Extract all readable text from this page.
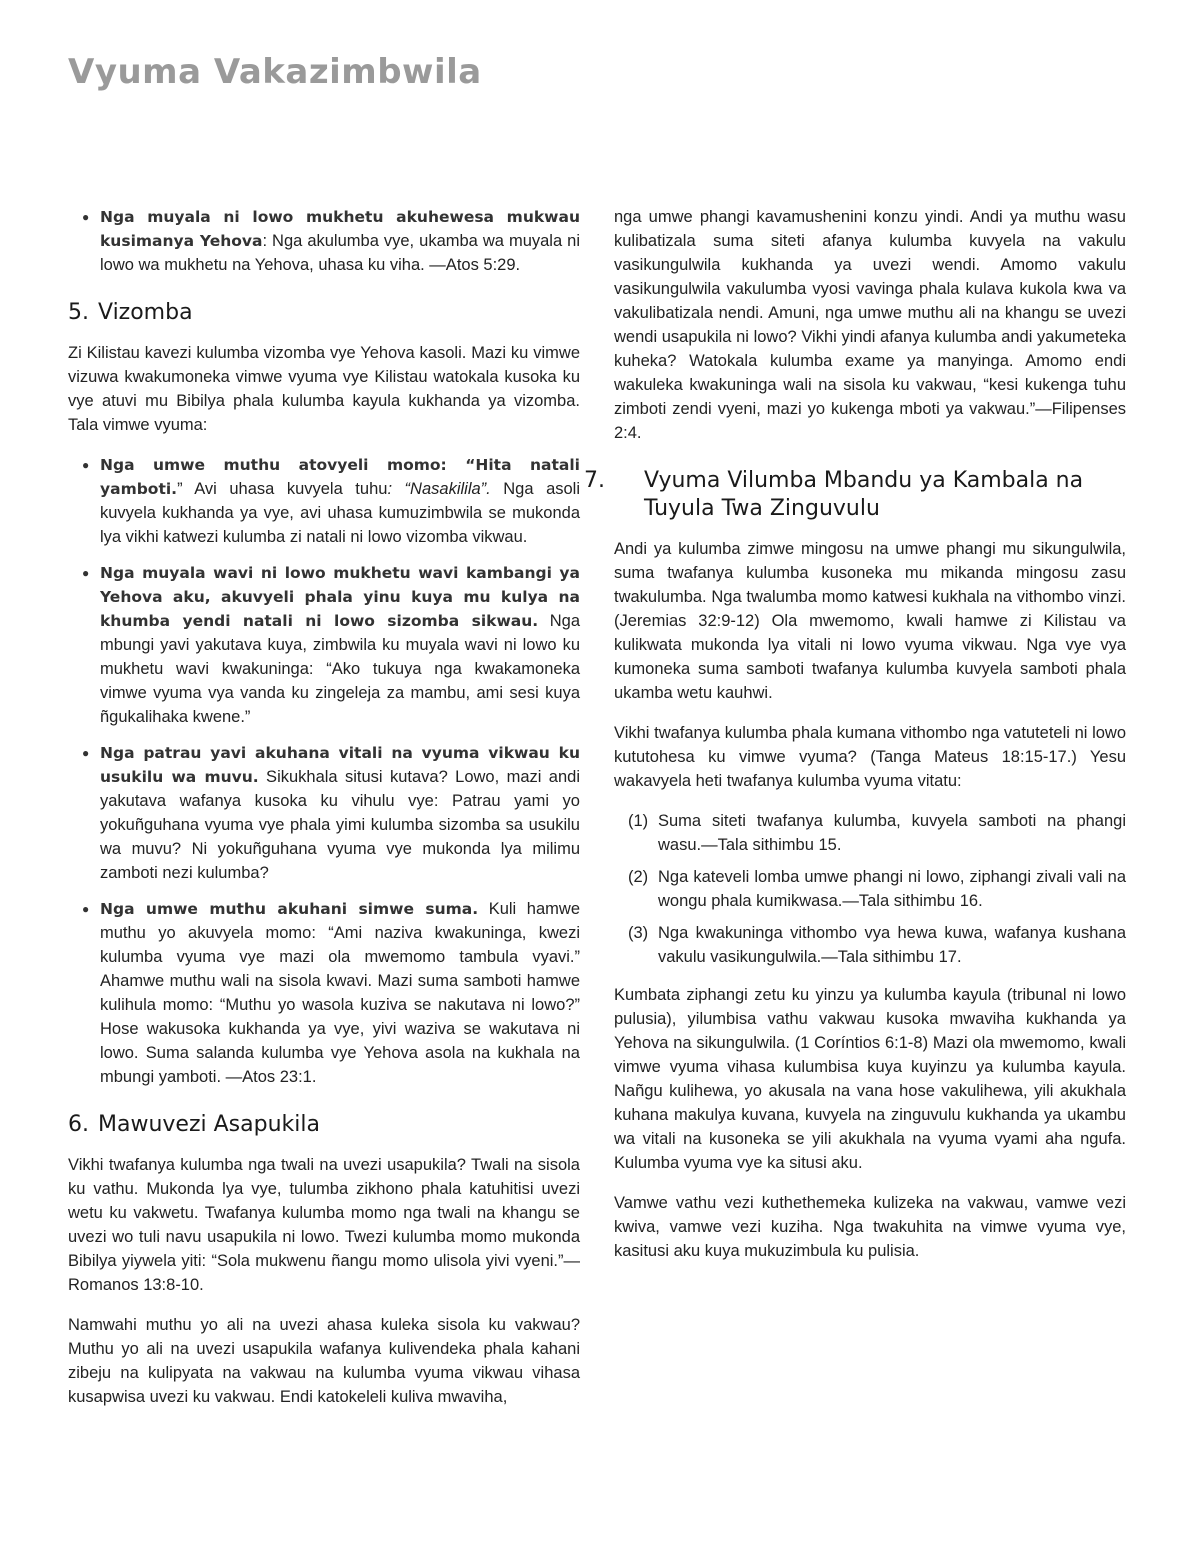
Vyuma Vakazimbwila
● Nga muyala ni lowo mukhetu akuhewesa mukwau kusimanya Yehova: Nga akulumba vye, ukamba wa muyala ni lowo wa mukhetu na Yehova, uhasa ku viha. —Atos 5:29.
5. Vizomba

Zi Kilistau kavezi kulumba vizomba vye Yehova kasoli. Mazi ku vimwe vizuwa kwakumoneka vimwe vyuma vye Kilistau watokala kusoka ku vye atuvi mu Bibilya phala kulumba kayula kukhanda ya vizomba. Tala vimwe vyuma:

● Nga umwe muthu atovyeli momo: “Hita natali yamboti.” Avi uhasa kuvyela tuhu: “Nasakilila”. Nga asoli kuvyela kukhanda ya vye, avi uhasa kumuzimbwila se mukonda lya vikhi katwezi kulumba zi natali ni lowo vizomba vikwau.
● Nga muyala wavi ni lowo mukhetu wavi kambangi ya Yehova aku, akuvyeli phala yinu kuya mu kulya na khumba yendi natali ni lowo sizomba sikwau. Nga mbungi yavi yakutava kuya, zimbwila ku muyala wavi ni lowo ku mukhetu wavi kwakuninga: “Ako tukuya nga kwakamoneka vimwe vyuma vya vanda ku zingeleja za mambu, ami sesi kuya ñgukalihaka kwene.”
● Nga patrau yavi akuhana vitali na vyuma vikwau ku usukilu wa muvu. Sikukhala situsi kutava? Lowo, mazi andi yakutava wafanya kusoka ku vihulu vye: Patrau yami yo yokuñguhana vyuma vye phala yimi kulumba sizomba sa usukilu wa muvu? Ni yokuñguhana vyuma vye mukonda lya milimu zamboti nezi kulumba?
● Nga umwe muthu akuhani simwe suma. Kuli hamwe muthu yo akuvyela momo: “Ami naziva kwakuninga, kwezi kulumba vyuma vye mazi ola mwemomo tambula vyavi.” Ahamwe muthu wali na sisola kwavi. Mazi suma samboti hamwe kulihula momo: “Muthu yo wasola kuziva se nakutava ni lowo?” Hose wakusoka kukhanda ya vye, yivi waziva se wakutava ni lowo. Suma salanda kulumba vye Yehova asola na kukhala na mbungi yamboti. —Atos 23:1.
6. Mawuvezi Asapukila

Vikhi twafanya kulumba nga twali na uvezi usapukila? Twali na sisola ku vathu. Mukonda lya vye, tulumba zikhono phala katuhitisi uvezi wetu ku vakwetu. Twafanya kulumba momo nga twali na khangu se uvezi wo tuli navu usapukila ni lowo. Twezi kulumba momo mukonda Bibilya yiywela yiti: “Sola mukwenu ñangu momo ulisola yivi vyeni.”—Romanos 13:8-10.

Namwahi muthu yo ali na uvezi ahasa kuleka sisola ku vakwau? Muthu yo ali na uvezi usapukila wafanya kulivendeka phala kahani zibeju na kulipyata na vakwau na kulumba vyuma vikwau vihasa kusapwisa uvezi ku vakwau. Endi katokeleli kuliva mwaviha,

nga umwe phangi kavamushenini konzu yindi. Andi ya muthu wasu kulibatizala suma siteti afanya kulumba kuvyela na vakulu vasikungulwila kukhanda ya uvezi wendi. Amomo vakulu vasikungulwila vakulumba vyosi vavinga phala kulava kukola kwa va vakulibatizala nendi. Amuni, nga umwe muthu ali na khangu se uvezi wendi usapukila ni lowo? Vikhi yindi afanya kulumba andi yakumeteka kuheka? Watokala kulumba exame ya manyinga. Amomo endi wakuleka kwakuninga wali na sisola ku vakwau, “kesi kukenga tuhu zimboti zendi vyeni, mazi yo kukenga mboti ya vakwau.”—Filipenses 2:4.

7. Vyuma Vilumba Mbandu ya Kambala na Tuyula Twa Zinguvulu

Andi ya kulumba zimwe mingosu na umwe phangi mu sikungulwila, suma twafanya kulumba kusoneka mu mikanda mingosu zasu twakulumba. Nga twalumba momo katwesi kukhala na vithombo vinzi. (Jeremias 32:9-12) Ola mwemomo, kwali hamwe zi Kilistau va kulikwata mukonda lya vitali ni lowo vyuma vikwau. Nga vye vya kumoneka suma samboti twafanya kulumba kuvyela samboti phala ukamba wetu kauhwi.

Vikhi twafanya kulumba phala kumana vithombo nga vatuteteli ni lowo kututohesa ku vimwe vyuma? (Tanga Mateus 18:15-17.) Yesu wakavyela heti twafanya kulumba vyuma vitatu:

(1) Suma siteti twafanya kulumba, kuvyela samboti na phangi wasu.—Tala sithimbu 15.
(2) Nga kateveli lomba umwe phangi ni lowo, ziphangi zivali vali na wongu phala kumikwasa.—Tala sithimbu 16.
(3) Nga kwakuninga vithombo vya hewa kuwa, wafanya kushana vakulu vasikungulwila.—Tala sithimbu 17.

Kumbata ziphangi zetu ku yinzu ya kulumba kayula (tribunal ni lowo pulusia), yilumbisa vathu vakwau kusoka mwaviha kukhanda ya Yehova na sikungulwila. (1 Coríntios 6:1-8) Mazi ola mwemomo, kwali vimwe vyuma vihasa kulumbisa kuya kuyinzu ya kulumba kayula. Nañgu kulihewa, yo akusala na vana hose vakulihewa, yili akukhala kuhana makulya kuvana, kuvyela na zinguvulu kukhanda ya ukambu wa vitali na kusoneka se yili akukhala na vyuma vyami aha ngufa. Kulumba vyuma vye ka situsi aku.

Vamwe vathu vezi kuthethemeka kulizeka na vakwau, vamwe vezi kwiva, vamwe vezi kuziha. Nga twakuhita na vimwe vyuma vye, kasitusi aku kuya mukuzimbula ku pulisia.
